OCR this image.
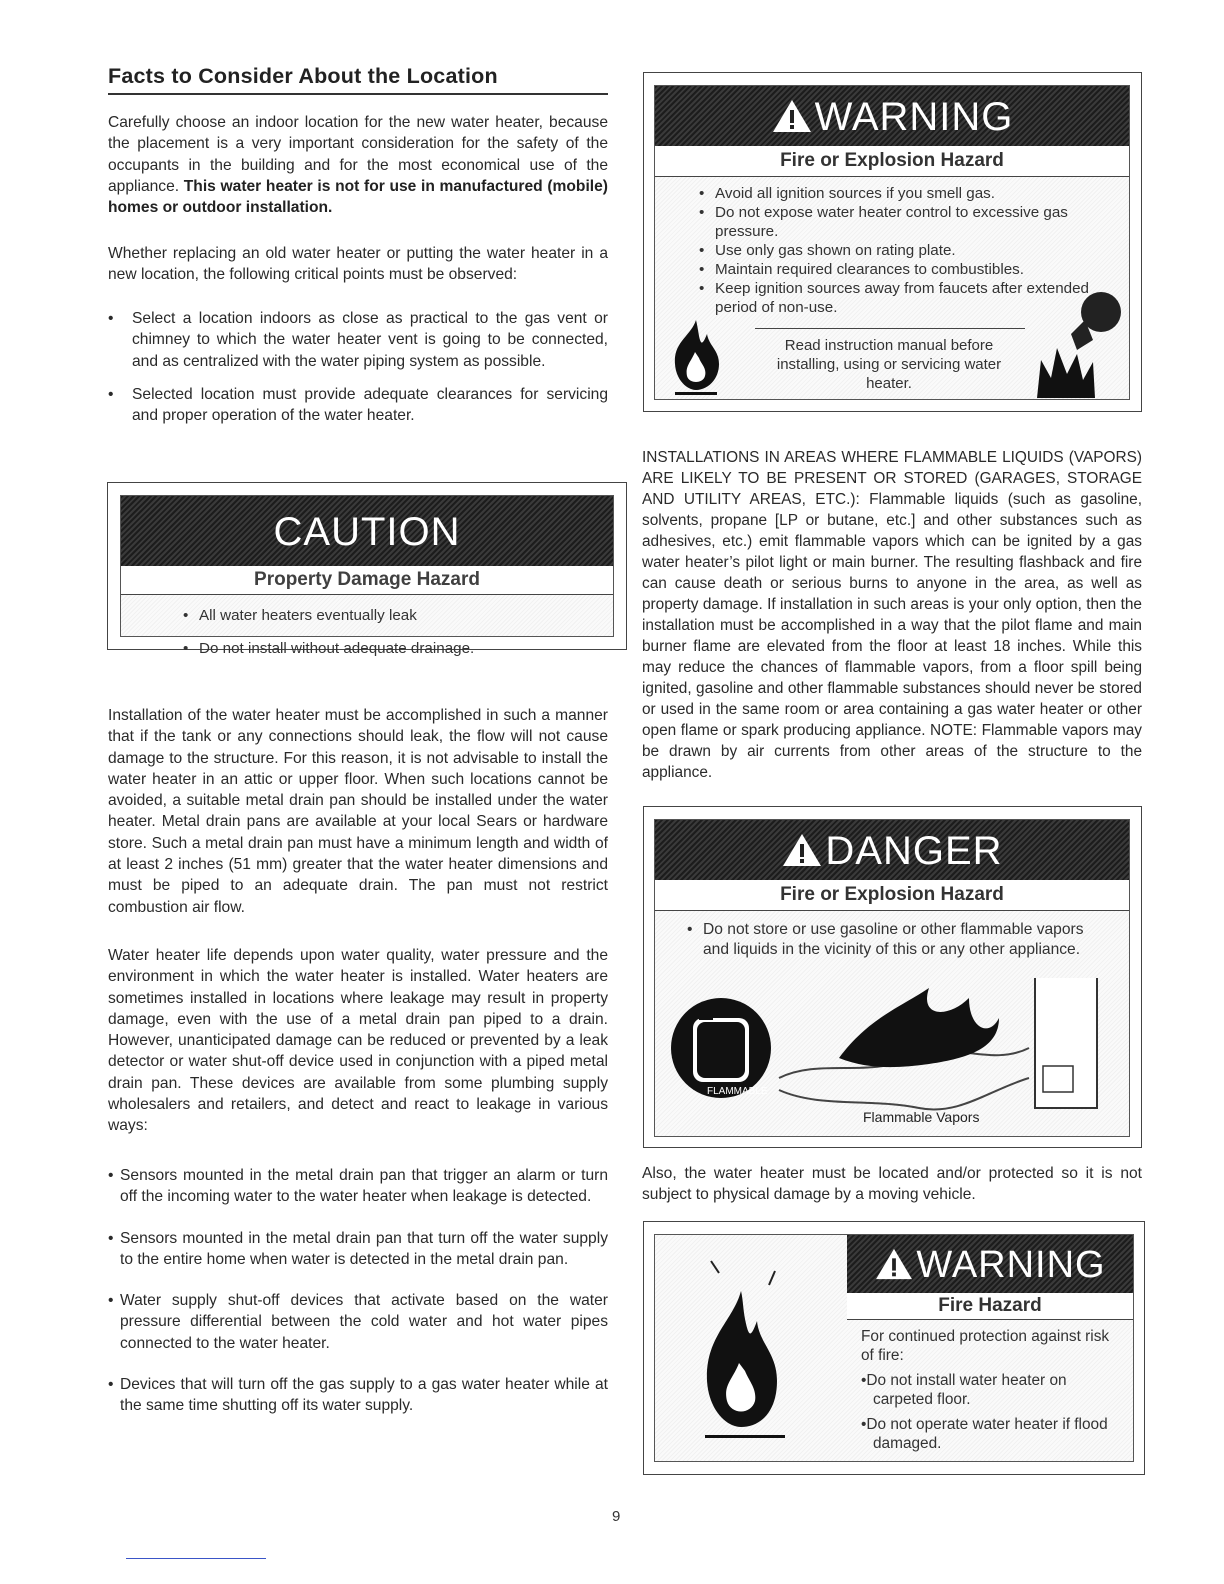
Facts to Consider About the Location

Carefully choose an indoor location for the new water heater, because the placement is a very important consideration for the safety of the occupants in the building and for the most economical use of the appliance. This water heater is not for use in manufactured (mobile) homes or outdoor installation.

Whether replacing an old water heater or putting the water heater in a new location, the following critical points must be observed:

• Select a location indoors as close as practical to the gas vent or chimney to which the water heater vent is going to be connected, and as centralized with the water piping system as possible.
• Selected location must provide adequate clearances for servicing and proper operation of the water heater.
CAUTION
Property Damage Hazard
• All water heaters eventually leak
• Do not install without adequate drainage.

Installation of the water heater must be accomplished in such a manner that if the tank or any connections should leak, the flow will not cause damage to the structure. For this reason, it is not advisable to install the water heater in an attic or upper floor. When such locations cannot be avoided, a suitable metal drain pan should be installed under the water heater. Metal drain pans are available at your local Sears or hardware store. Such a metal drain pan must have a minimum length and width of at least 2 inches (51 mm) greater that the water heater dimensions and must be piped to an adequate drain. The pan must not restrict combustion air flow.

Water heater life depends upon water quality, water pressure and the environment in which the water heater is installed. Water heaters are sometimes installed in locations where leakage may result in property damage, even with the use of a metal drain pan piped to a drain. However, unanticipated damage can be reduced or prevented by a leak detector or water shut-off device used in conjunction with a piped metal drain pan. These devices are available from some plumbing supply wholesalers and retailers, and detect and react to leakage in various ways:

• Sensors mounted in the metal drain pan that trigger an alarm or turn off the incoming water to the water heater when leakage is detected.
• Sensors mounted in the metal drain pan that turn off the water supply to the entire home when water is detected in the metal drain pan.
• Water supply shut-off devices that activate based on the water pressure differential between the cold water and hot water pipes connected to the water heater.
• Devices that will turn off the gas supply to a gas water heater while at the same time shutting off its water supply.
WARNING
Fire or Explosion Hazard
• Avoid all ignition sources if you smell gas.
• Do not expose water heater control to excessive gas pressure.
• Use only gas shown on rating plate.
• Maintain required clearances to combustibles.
• Keep ignition sources away from faucets after extended period of non-use.
Read instruction manual before installing, using or servicing water heater.

INSTALLATIONS IN AREAS WHERE FLAMMABLE LIQUIDS (VAPORS) ARE LIKELY TO BE PRESENT OR STORED (GARAGES, STORAGE AND UTILITY AREAS, ETC.): Flammable liquids (such as gasoline, solvents, propane [LP or butane, etc.] and other substances such as adhesives, etc.) emit flammable vapors which can be ignited by a gas water heater’s pilot light or main burner. The resulting flashback and fire can cause death or serious burns to anyone in the area, as well as property damage. If installation in such areas is your only option, then the installation must be accomplished in a way that the pilot flame and main burner flame are elevated from the floor at least 18 inches. While this may reduce the chances of flammable vapors, from a floor spill being ignited, gasoline and other flammable substances should never be stored or used in the same room or area containing a gas water heater or other open flame or spark producing appliance. NOTE: Flammable vapors may be drawn by air currents from other areas of the structure to the appliance.

DANGER
Fire or Explosion Hazard
• Do not store or use gasoline or other flammable vapors and liquids in the vicinity of this or any other appliance.
FLAMMABLE
Flammable Vapors

Also, the water heater must be located and/or protected so it is not subject to physical damage by a moving vehicle.

WARNING
Fire Hazard
For continued protection against risk of fire:
•Do not install water heater on carpeted floor.
•Do not operate water heater if flood damaged.
9
